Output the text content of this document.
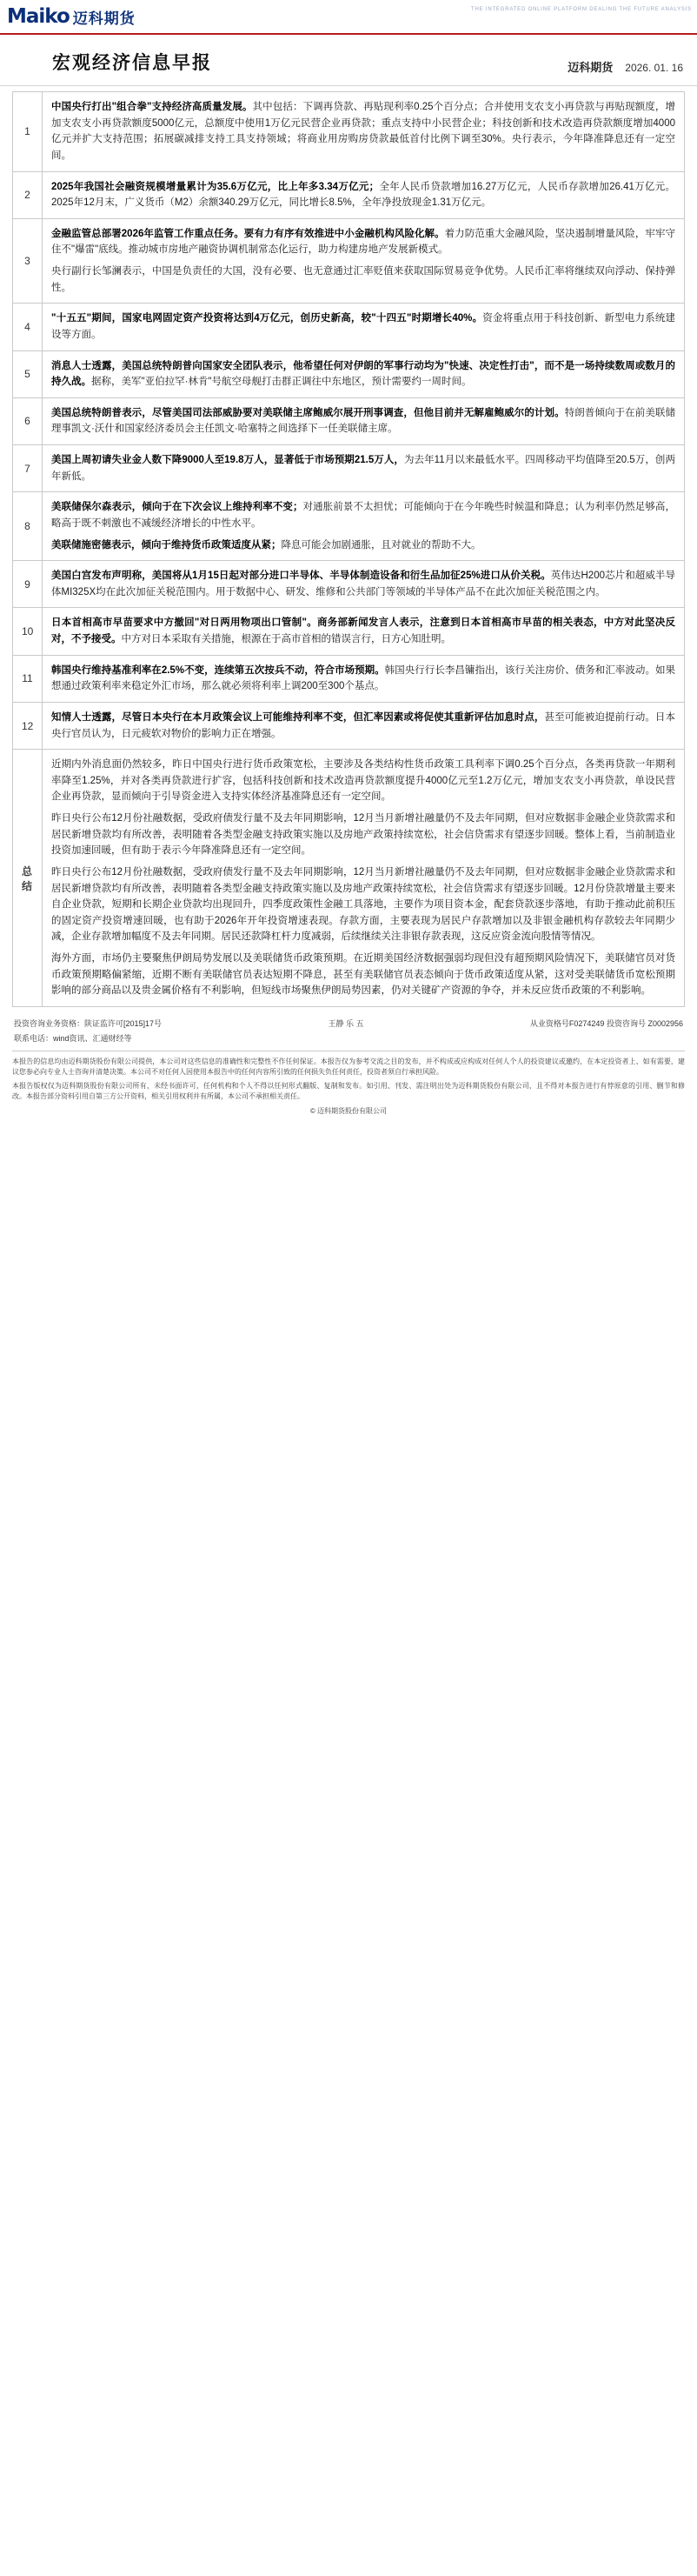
Maiko 迈科期货
THE INTEGRATED ONLINE PLATFORM DEALING THE FUTURE ANALYSIS
宏观经济信息早报	迈科期货 2026. 01. 16
1	中国央行打出"组合拳"支持经济高质量发展。其中包括：下调再贷款、再贴现利率0.25个百分点；合并使用支农支小再贷款与再贴现额度，增加支农支小再贷款额度5000亿元，总额度中使用1万亿元民营企业再贷款；重点支持中小民营企业；科技创新和技术改造再贷款额度增加4000亿元并扩大支持范围；拓展碳减排支持工具支持领域；将商业用房购房贷款最低首付比例下调至30%。央行表示，今年降准降息还有一定空间。

2	2025年我国社会融资规模增量累计为35.6万亿元，比上年多3.34万亿元；全年人民币贷款增加16.27万亿元，人民币存款增加26.41万亿元。2025年12月末，广义货币（M2）余额340.29万亿元，同比增长8.5%，全年净投放现金1.31万亿元。

3	金融监管总部署2026年监管工作重点任务。要有力有序有效推进中小金融机构风险化解。着力防范重大金融风险，坚决遏制增量风险，牢牢守住不"爆雷"底线。推动城市房地产融资协调机制常态化运行，助力构建房地产发展新模式。

央行副行长邹澜表示，中国是负责任的大国，没有必要、也无意通过汇率贬值来获取国际贸易竞争优势。人民币汇率将继续双向浮动、保持弹性。

4	"十五五"期间，国家电网固定资产投资将达到4万亿元，创历史新高，较"十四五"时期增长40%。资金将重点用于科技创新、新型电力系统建设等方面。

5	消息人士透露，美国总统特朗普向国家安全团队表示，他希望任何对伊朗的军事行动均为"快速、决定性打击"，而不是一场持续数周或数月的持久战。据称，美军"亚伯拉罕·林肯"号航空母舰打击群正调往中东地区，预计需要约一周时间。

6	美国总统特朗普表示，尽管美国司法部威胁要对美联储主席鲍威尔展开刑事调查，但他目前并无解雇鲍威尔的计划。特朗普倾向于在前美联储理事凯文·沃什和国家经济委员会主任凯文·哈塞特之间选择下一任美联储主席。

7	美国上周初请失业金人数下降9000人至19.8万人，显著低于市场预期21.5万人，为去年11月以来最低水平。四周移动平均值降至20.5万，创两年新低。

8	美联储保尔森表示，倾向于在下次会议上维持利率不变；对通胀前景不太担忧；可能倾向于在今年晚些时候温和降息；认为利率仍然足够高，略高于既不刺激也不减缓经济增长的中性水平。

美联储施密德表示，倾向于维持货币政策适度从紧；降息可能会加剧通胀，且对就业的帮助不大。

9	美国白宫发布声明称，美国将从1月15日起对部分进口半导体、半导体制造设备和衍生品加征25%进口从价关税。英伟达H200芯片和超威半导体MI325X均在此次加征关税范围内。用于数据中心、研发、维修和公共部门等领域的半导体产品不在此次加征关税范围之内。

10	日本首相高市早苗要求中方撤回"对日两用物项出口管制"。商务部新闻发言人表示，注意到日本首相高市早苗的相关表态，中方对此坚决反对，不予接受。中方对日本采取有关措施，根源在于高市首相的错误言行，日方心知肚明。

11	韩国央行维持基准利率在2.5%不变，连续第五次按兵不动，符合市场预期。韩国央行行长李昌镛指出，该行关注房价、债务和汇率波动。如果想通过政策利率来稳定外汇市场，那么就必须将利率上调200至300个基点。

12	知情人士透露，尽管日本央行在本月政策会议上可能维持利率不变，但汇率因素或将促使其重新评估加息时点，甚至可能被迫提前行动。日本央行官员认为，日元疲软对物价的影响力正在增强。

总结	近期内外消息面仍然较多，昨日中国央行进行货币政策宽松，主要涉及各类结构性货币政策工具利率下调0.25个百分点，各类再贷款一年期利率降至1.25%，并对各类再贷款进行扩容，包括科技创新和技术改造再贷款额度提升4000亿元至1.2万亿元，增加支农支小再贷款，单设民营企业再贷款，显而倾向于引导资金进入支持实体经济基准降息还有一定空间。

昨日央行公布12月份社融数据，受政府债发行量不及去年同期影响，12月当月新增社融量仍不及去年同期，但对应数据非金融企业贷款需求和居民新增贷款均有所改善，表明随着各类型金融支持政策实施以及房地产政策持续宽松，社会信贷需求有望逐步回暖。整体上看，当前制造业投资加速回暖，但有助于表示今年降准降息还有一定空间。

昨日央行公布12月份社融数据，受政府债发行量不及去年同期影响，12月当月新增社融量仍不及去年同期，但对应数据非金融企业贷款需求和居民新增贷款均有所改善，表明随着各类型金融支持政策实施以及房地产政策持续宽松，社会信贷需求有望逐步回暖。12月份贷款增量主要来自企业贷款，短期和长期企业贷款均出现回升，四季度政策性金融工具落地，主要作为项目资本金，配套贷款逐步落地，有助于推动此前积压的固定资产投资增速回暖，也有助于2026年开年投资增速表现。存款方面，主要表现为居民户存款增加以及非银金融机构存款较去年同期少减，企业存款增加幅度不及去年同期。居民还款降杠杆力度减弱，后续继续关注非银存款表现，这反应资金流向股情等情况。

海外方面，市场仍主要聚焦伊朗局势发展以及美联储货币政策预期。在近期美国经济数据强弱均现但没有超预期风险情况下，美联储官员对货币政策预期略偏紧缩，近期不断有美联储官员表达短期不降息，甚至有美联储官员表态倾向于货币政策适度从紧，这对受美联储货币宽松预期影响的部分商品以及贵金属价格有不利影响，但短线市场聚焦伊朗局势因素，仍对关键矿产资源的争夺，并未反应货币政策的不利影响。

投资咨询业务资格：陕证监许可[2015]17号	王静 乐 五	从业资格号F0274249 投资咨询号 Z0002956
联系电话：wind资讯、汇通财经等

本报告的信息均由迈科期货股份有限公司提供，本公司对这些信息的准确性和完整性不作任何保证。本报告仅为参考交流之目的发布，并不构成或应构成对任何人个人的投资建议或邀约，在本定投资者上、如有需要，建议您参必向专业人士咨询并清楚决策。本公司不对任何人因使用本报告中的任何内容所引致的任何损失负任何责任，投资者须自行承担风险。

本报告版权仅为迈科期货股份有限公司所有，未经书面许可，任何机构和个人不得以任何形式翻版、复制和发布。如引用、刊发、需注明出处为迈科期货股份有限公司，且不得对本报告进行有悖原意的引用、删节和修改。本报告部分资料引用自第三方公开资料，相关引用权利并有所属，本公司不承担相关责任。

© 迈科期货股份有限公司
